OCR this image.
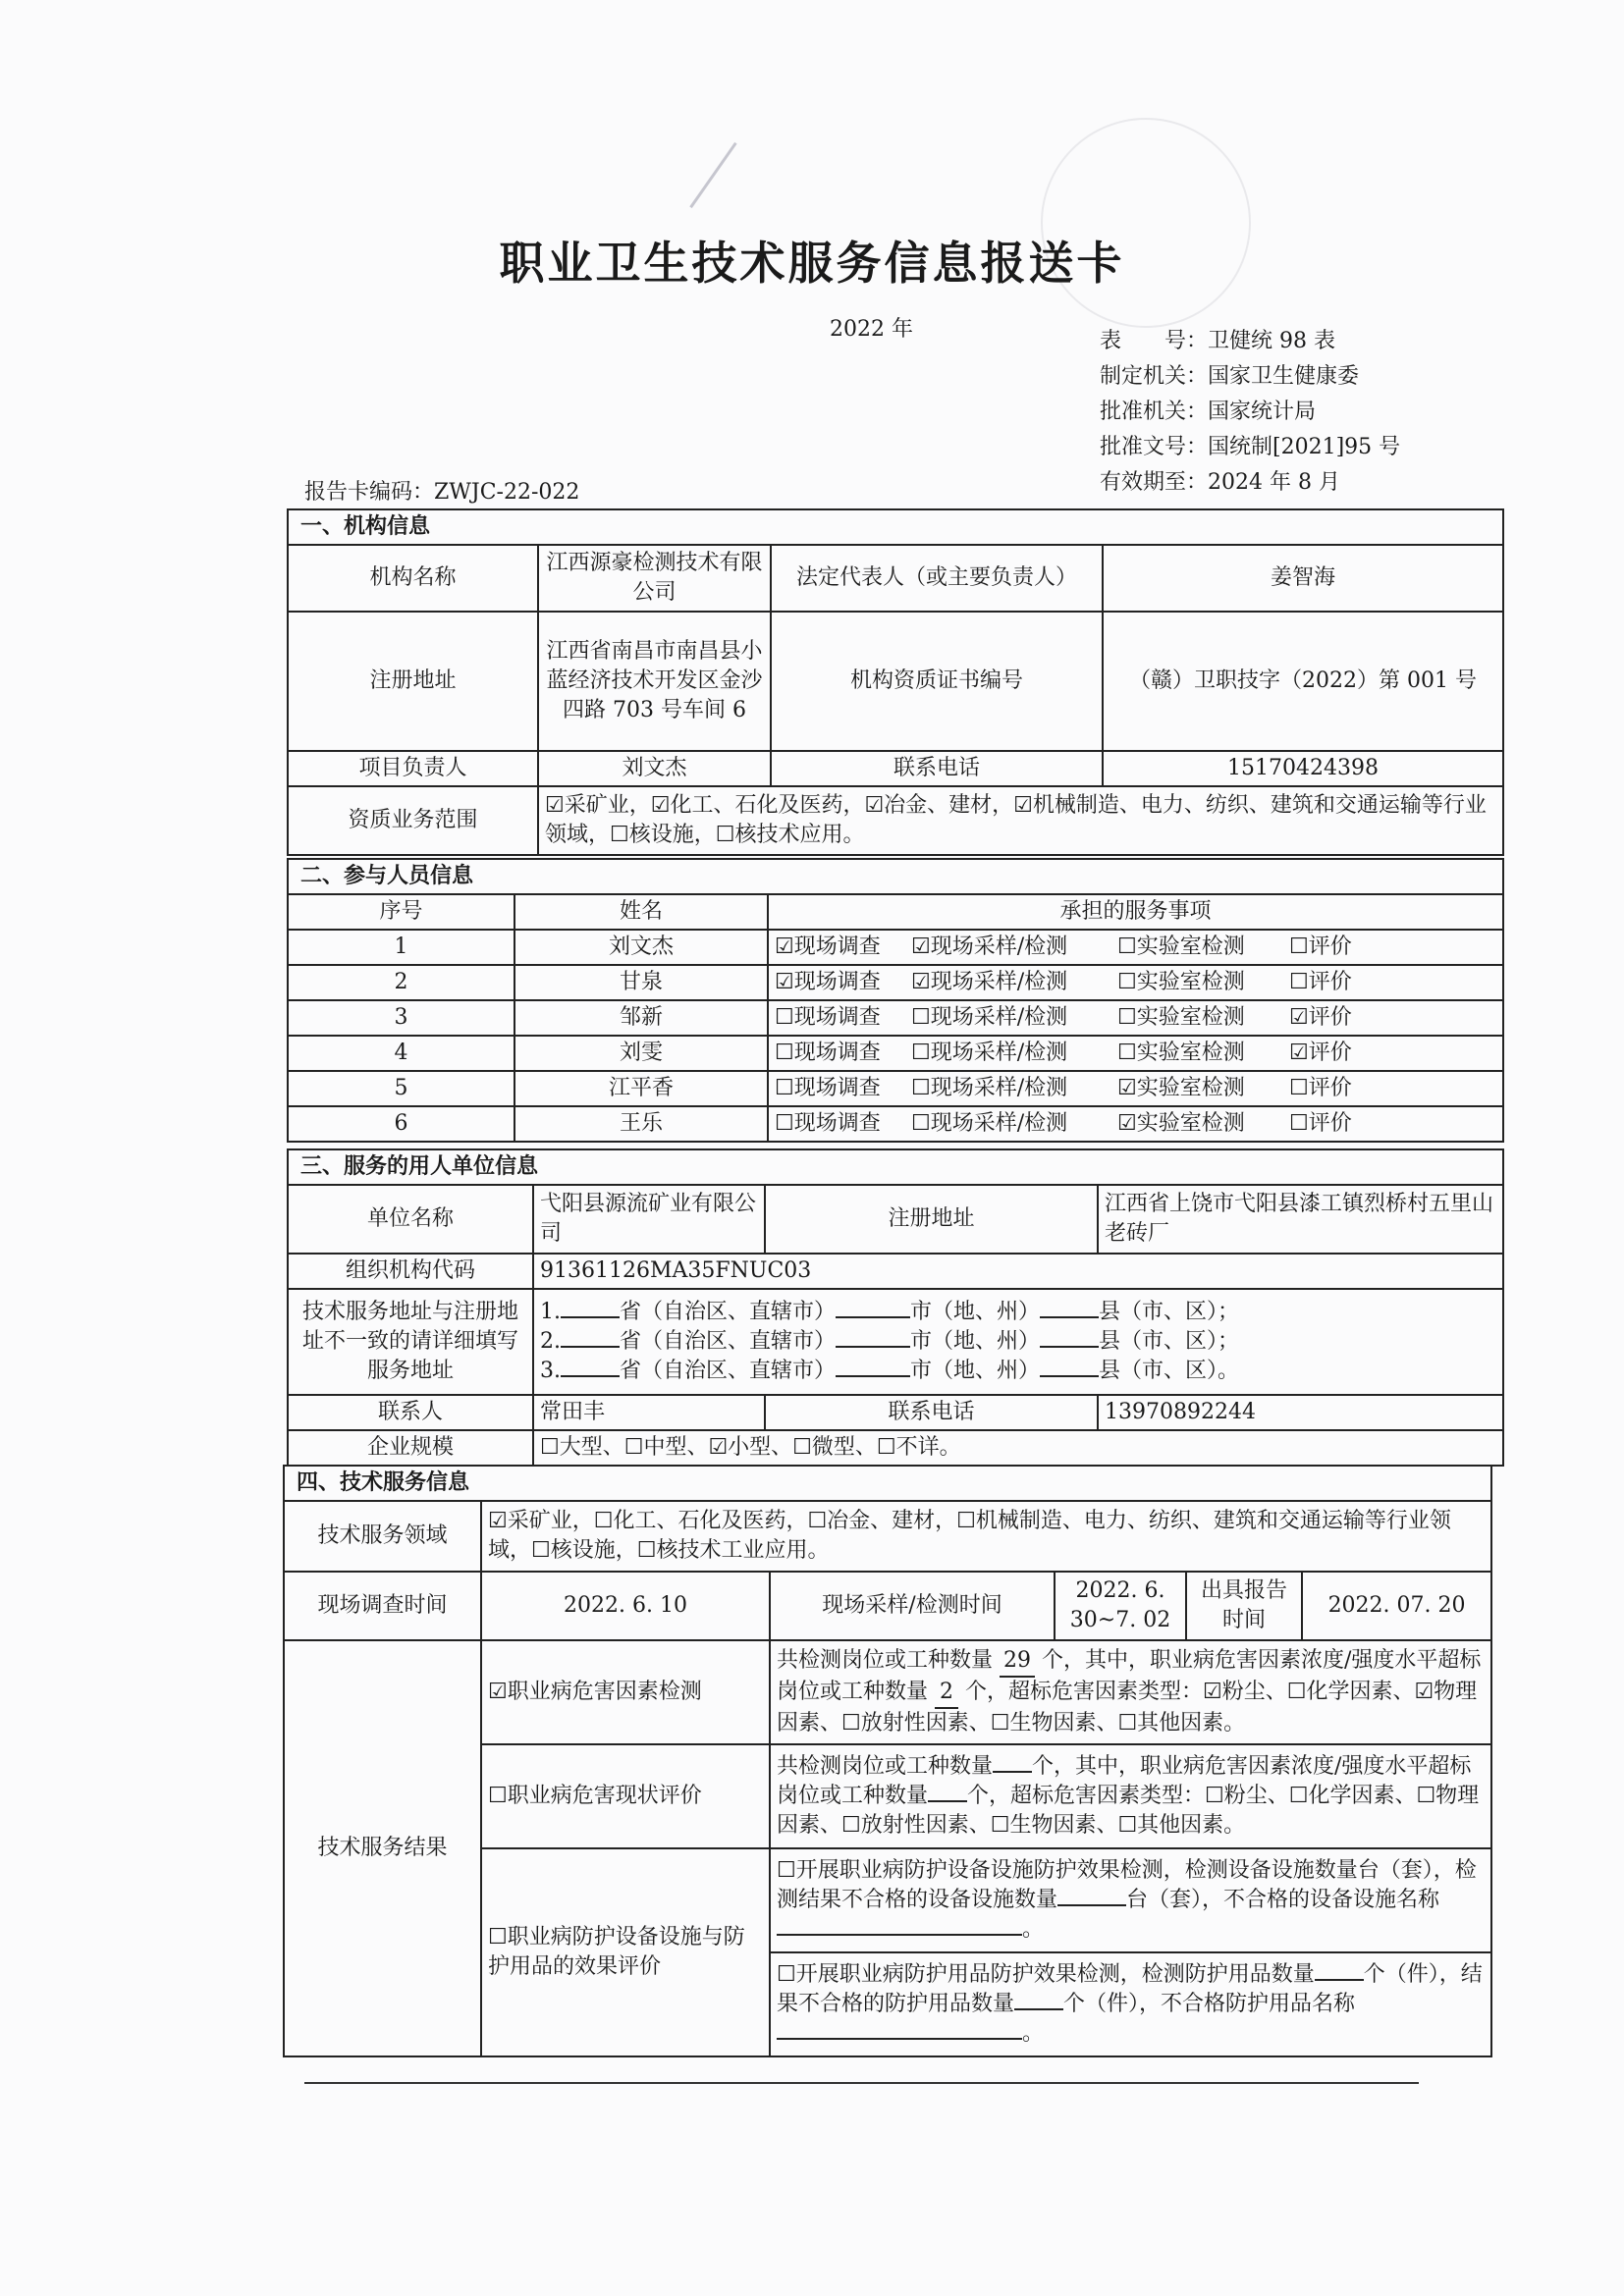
职业卫生技术服务信息报送卡
2022 年	表　　号：卫健统 98 表
制定机关：国家卫生健康委
批准机关：国家统计局
批准文号：国统制[2021]95 号
有效期至：2024 年 8 月
报告卡编码：ZWJC-22-022
一、机构信息			
机构名称	江西源豪检测技术有限公司	法定代表人（或主要负责人）	姜智海
注册地址	江西省南昌市南昌县小蓝经济技术开发区金沙四路 703 号车间 6	机构资质证书编号	（赣）卫职技字（2022）第 001 号
项目负责人	刘文杰	联系电话	15170424398
资质业务范围	☑采矿业，☑化工、石化及医药，☑冶金、建材，☑机械制造、电力、纺织、建筑和交通运输等行业领域，☐核设施，☐核技术应用。		
二、参与人员信息					
序号	姓名	承担的服务事项			
1	刘文杰	☑现场调查	☑现场采样/检测	☐实验室检测	☐评价
2	甘泉	☑现场调查	☑现场采样/检测	☐实验室检测	☐评价
3	邹新	☐现场调查	☐现场采样/检测	☐实验室检测	☑评价
4	刘雯	☐现场调查	☐现场采样/检测	☐实验室检测	☑评价
5	江平香	☐现场调查	☐现场采样/检测	☑实验室检测	☐评价
6	王乐	☐现场调查	☐现场采样/检测	☑实验室检测	☐评价
三、服务的用人单位信息			
单位名称	弋阳县源流矿业有限公司	注册地址	江西省上饶市弋阳县漆工镇烈桥村五里山老砖厂
组织机构代码	91361126MA35FNUC03		
技术服务地址与注册地址不一致的请详细填写服务地址	1. 省（自治区、直辖市） 市（地、州） 县（市、区）；
2. 省（自治区、直辖市） 市（地、州） 县（市、区）；
3. 省（自治区、直辖市） 市（地、州） 县（市、区）。		

联系人	常田丰	联系电话	13970892244
企业规模	☐大型、☐中型、☑小型、☐微型、☐不详。		
四、技术服务信息					
技术服务领域	☑采矿业，☐化工、石化及医药，☐冶金、建材，☐机械制造、电力、纺织、建筑和交通运输等行业领域，☐核设施，☐核技术工业应用。				
现场调查时间	2022. 6. 10	现场采样/检测时间	2022. 6. 30~7. 02	出具报告时间	2022. 07. 20
技术服务结果	☑职业病危害因素检测	共检测岗位或工种数量 29 个，其中，职业病危害因素浓度/强度水平超标岗位或工种数量 2 个，超标危害因素类型：☑粉尘、☐化学因素、☑物理因素、☐放射性因素、☐生物因素、☐其他因素。			
	☐职业病危害现状评价	共检测岗位或工种数量 个，其中，职业病危害因素浓度/强度水平超标岗位或工种数量 个，超标危害因素类型：☐粉尘、☐化学因素、☐物理因素、☐放射性因素、☐生物因素、☐其他因素。			
	☐职业病防护设备设施与防护用品的效果评价	☐开展职业病防护设备设施防护效果检测，检测设备设施数量台（套），检测结果不合格的设备设施数量 台（套），不合格的设备设施名称。			
		☐开展职业病防护用品防护效果检测，检测防护用品数量 个（件），结果不合格的防护用品数量 个（件），不合格防护用品名称。			
